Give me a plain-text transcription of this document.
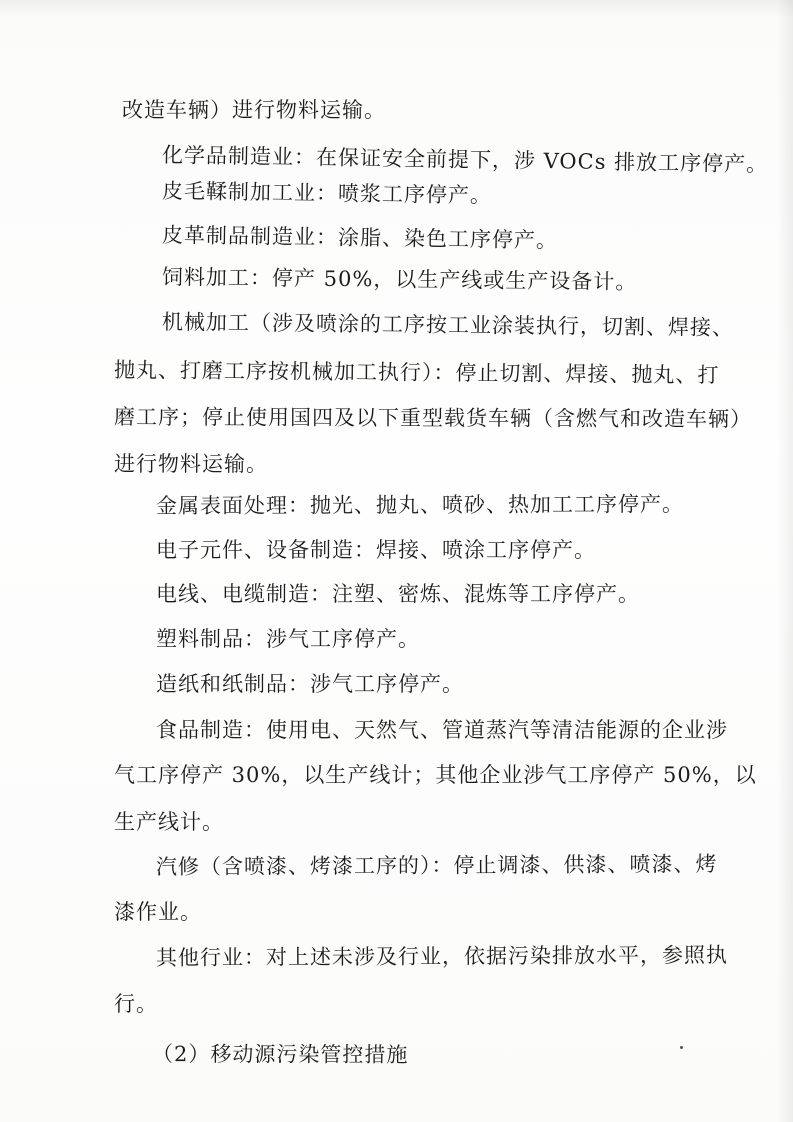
改造车辆）进行物料运输。
化学品制造业：在保证安全前提下，涉 VOCs 排放工序停产。
皮毛鞣制加工业：喷浆工序停产。
皮革制品制造业：涂脂、染色工序停产。
饲料加工：停产 50%，以生产线或生产设备计。
机械加工（涉及喷涂的工序按工业涂装执行，切割、焊接、
抛丸、打磨工序按机械加工执行）：停止切割、焊接、抛丸、打
磨工序；停止使用国四及以下重型载货车辆（含燃气和改造车辆）
进行物料运输。
金属表面处理：抛光、抛丸、喷砂、热加工工序停产。
电子元件、设备制造：焊接、喷涂工序停产。
电线、电缆制造：注塑、密炼、混炼等工序停产。
塑料制品：涉气工序停产。
造纸和纸制品：涉气工序停产。
食品制造：使用电、天然气、管道蒸汽等清洁能源的企业涉
气工序停产 30%，以生产线计；其他企业涉气工序停产 50%，以
生产线计。
汽修（含喷漆、烤漆工序的）：停止调漆、供漆、喷漆、烤
漆作业。
其他行业：对上述未涉及行业，依据污染排放水平，参照执
行。
（2）移动源污染管控措施
